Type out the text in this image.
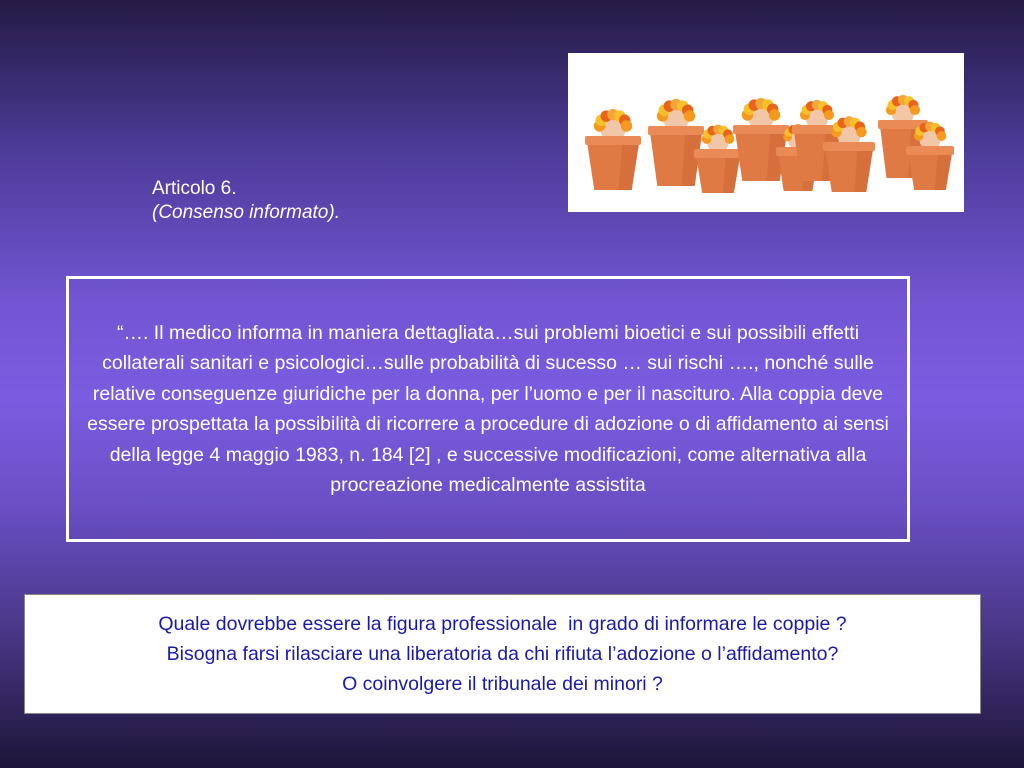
Articolo 6.
(Consenso informato).

“…. Il medico informa in maniera dettagliata…sui problemi bioetici e sui possibili effetti collaterali sanitari e psicologici…sulle probabilità di sucesso … sui rischi …., nonché sulle relative conseguenze giuridiche per la donna, per l’uomo e per il nascituro. Alla coppia deve essere prospettata la possibilità di ricorrere a procedure di adozione o di affidamento ai sensi della legge 4 maggio 1983, n. 184 [2] , e successive modificazioni, come alternativa alla procreazione medicalmente assistita

Quale dovrebbe essere la figura professionale  in grado di informare le coppie ?

Bisogna farsi rilasciare una liberatoria da chi rifiuta l’adozione o l’affidamento?

O coinvolgere il tribunale dei minori ?
